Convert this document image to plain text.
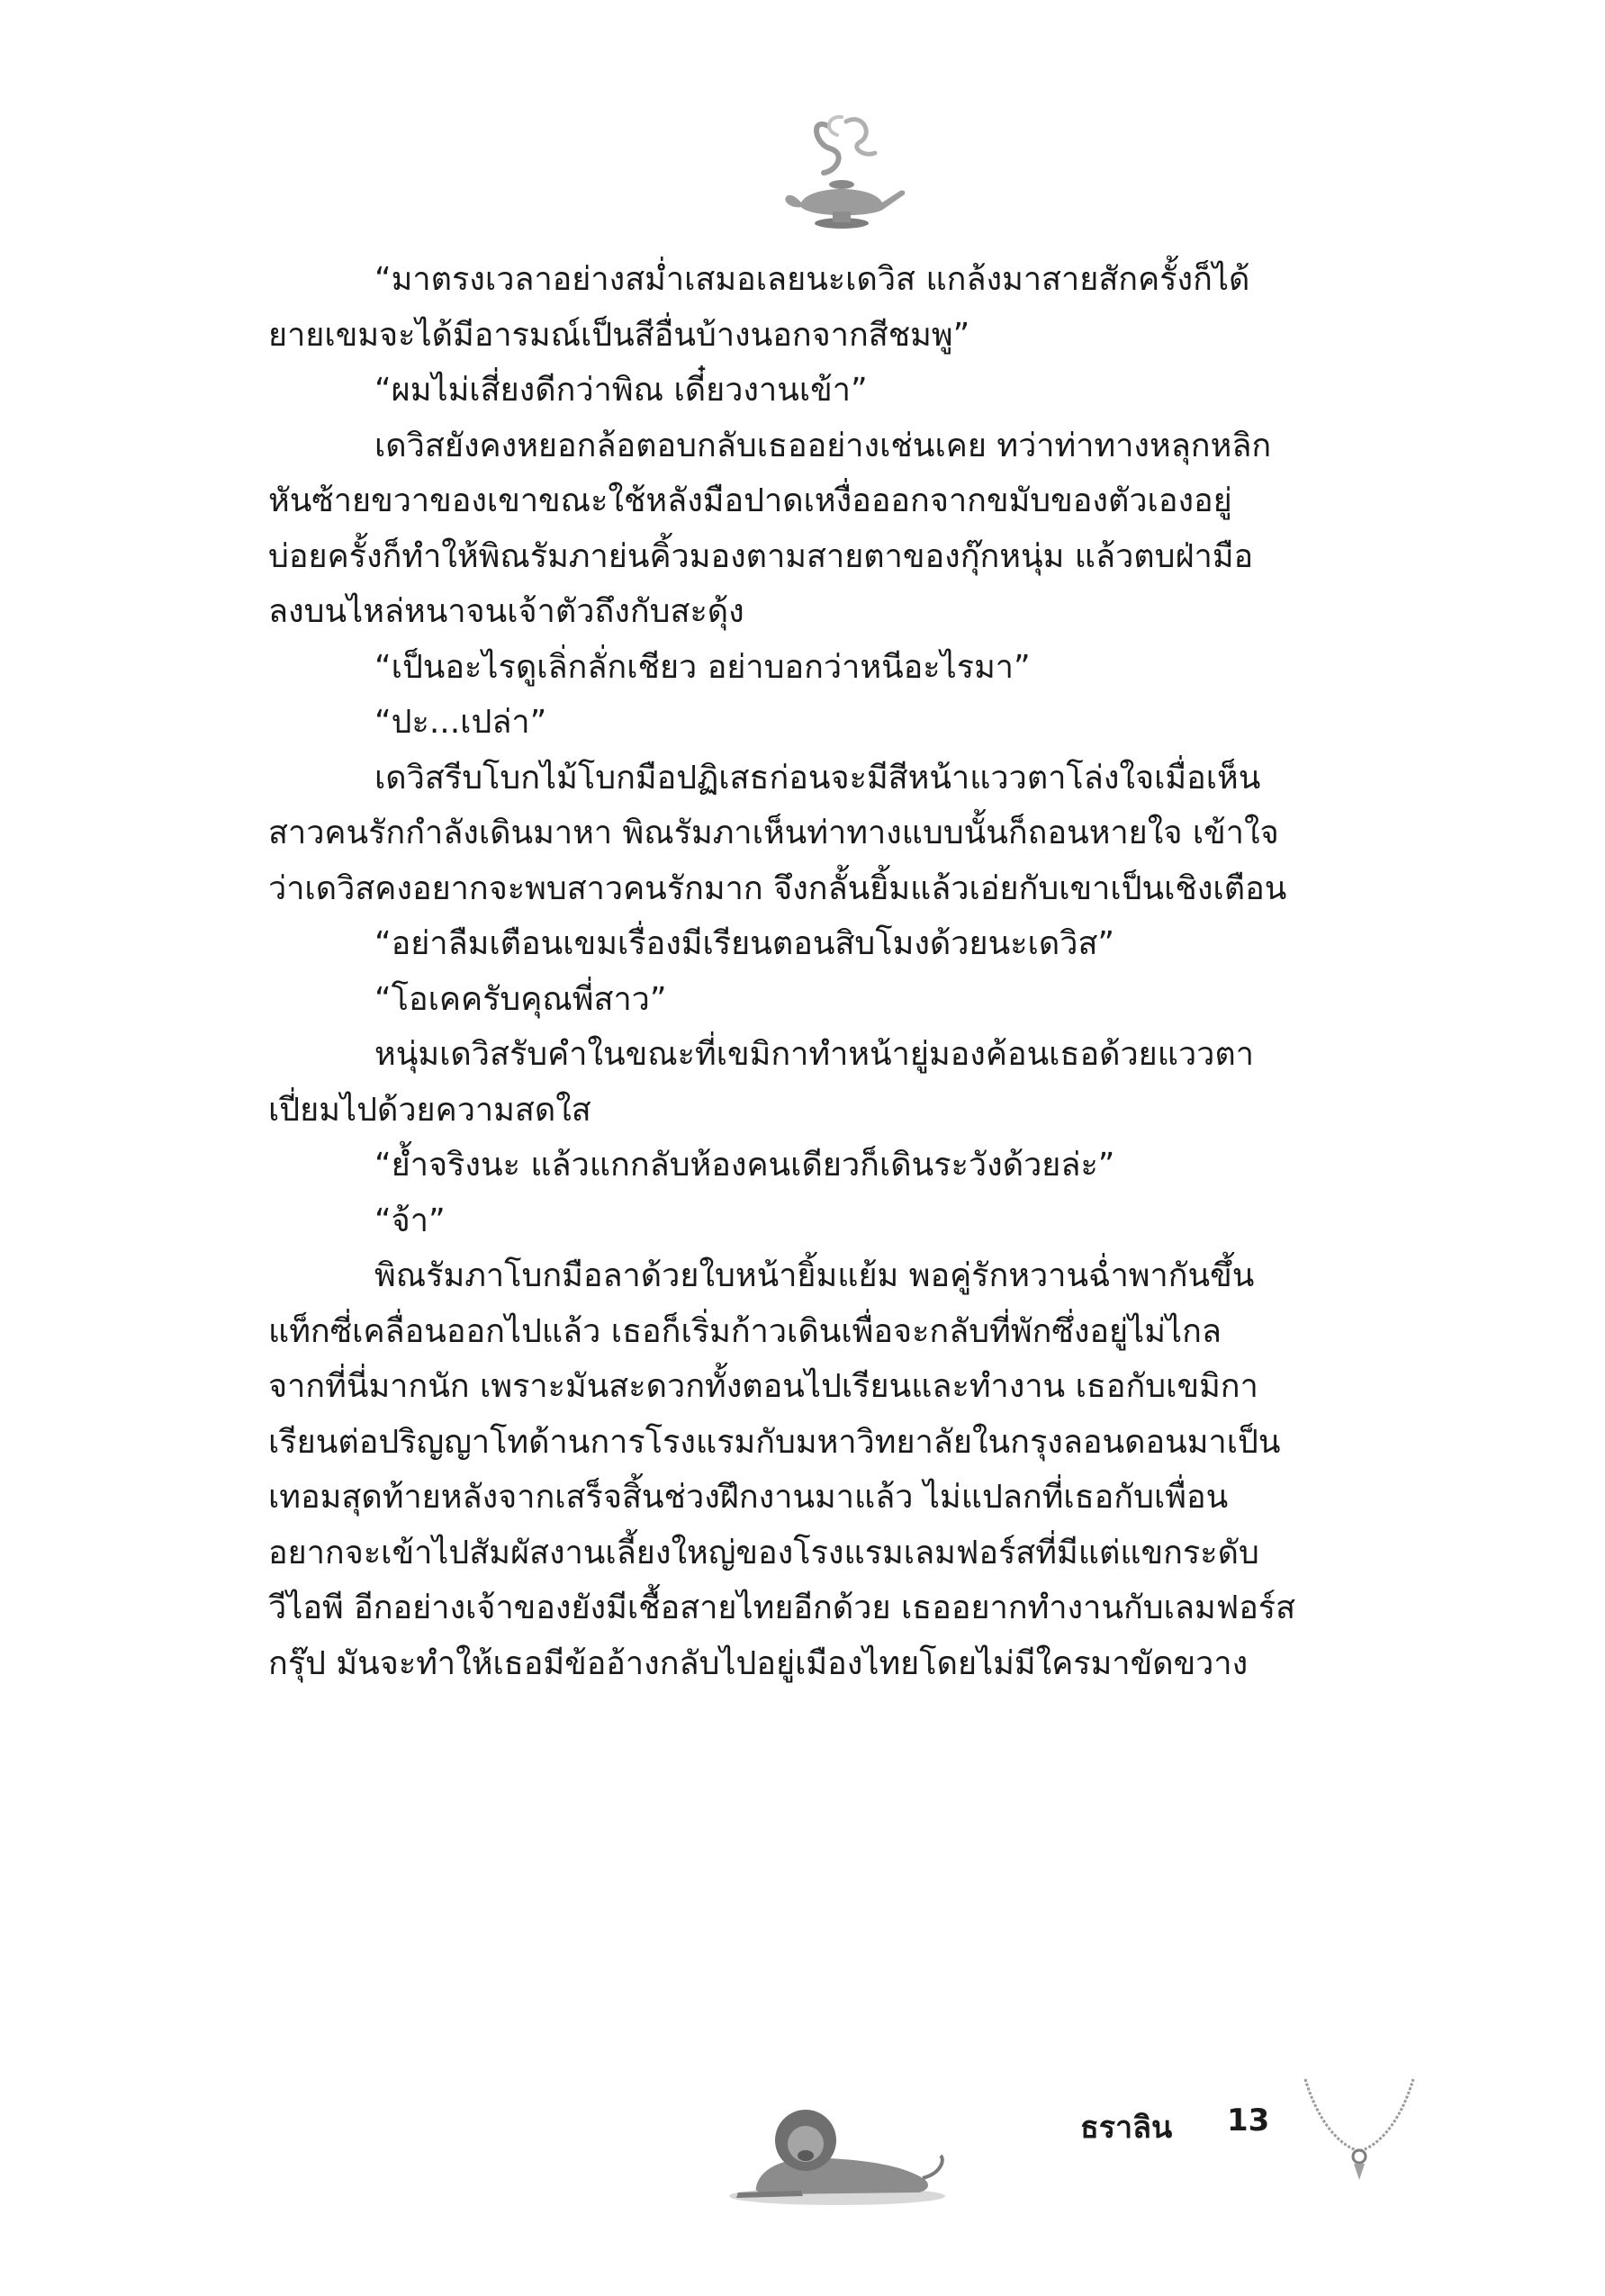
“มาตรงเวลาอย่างสม่ำเสมอเลยนะเดวิส แกล้งมาสายสักครั้งก็ได้
ยายเขมจะได้มีอารมณ์เป็นสีอื่นบ้างนอกจากสีชมพู”
“ผมไม่เสี่ยงดีกว่าพิณ เดี๋ยวงานเข้า”
เดวิสยังคงหยอกล้อตอบกลับเธออย่างเช่นเคย ทว่าท่าทางหลุกหลิก
หันซ้ายขวาของเขาขณะใช้หลังมือปาดเหงื่อออกจากขมับของตัวเองอยู่
บ่อยครั้งก็ทำให้พิณรัมภาย่นคิ้วมองตามสายตาของกุ๊กหนุ่ม แล้วตบฝ่ามือ
ลงบนไหล่หนาจนเจ้าตัวถึงกับสะดุ้ง
“เป็นอะไรดูเลิ่กลั่กเชียว อย่าบอกว่าหนีอะไรมา”
“ปะ...เปล่า”
เดวิสรีบโบกไม้โบกมือปฏิเสธก่อนจะมีสีหน้าแววตาโล่งใจเมื่อเห็น
สาวคนรักกำลังเดินมาหา พิณรัมภาเห็นท่าทางแบบนั้นก็ถอนหายใจ เข้าใจ
ว่าเดวิสคงอยากจะพบสาวคนรักมาก จึงกลั้นยิ้มแล้วเอ่ยกับเขาเป็นเชิงเตือน
“อย่าลืมเตือนเขมเรื่องมีเรียนตอนสิบโมงด้วยนะเดวิส”
“โอเคครับคุณพี่สาว”
หนุ่มเดวิสรับคำในขณะที่เขมิกาทำหน้ายู่มองค้อนเธอด้วยแววตา
เปี่ยมไปด้วยความสดใส
“ย้ำจริงนะ แล้วแกกลับห้องคนเดียวก็เดินระวังด้วยล่ะ”
“จ้า”
พิณรัมภาโบกมือลาด้วยใบหน้ายิ้มแย้ม พอคู่รักหวานฉ่ำพากันขึ้น
แท็กซี่เคลื่อนออกไปแล้ว เธอก็เริ่มก้าวเดินเพื่อจะกลับที่พักซึ่งอยู่ไม่ไกล
จากที่นี่มากนัก เพราะมันสะดวกทั้งตอนไปเรียนและทำงาน เธอกับเขมิกา
เรียนต่อปริญญาโทด้านการโรงแรมกับมหาวิทยาลัยในกรุงลอนดอนมาเป็น
เทอมสุดท้ายหลังจากเสร็จสิ้นช่วงฝึกงานมาแล้ว ไม่แปลกที่เธอกับเพื่อน
อยากจะเข้าไปสัมผัสงานเลี้ยงใหญ่ของโรงแรมเลมฟอร์สที่มีแต่แขกระดับ
วีไอพี อีกอย่างเจ้าของยังมีเชื้อสายไทยอีกด้วย เธออยากทำงานกับเลมฟอร์ส
กรุ๊ป มันจะทำให้เธอมีข้ออ้างกลับไปอยู่เมืองไทยโดยไม่มีใครมาขัดขวาง
ธราลิน 13
